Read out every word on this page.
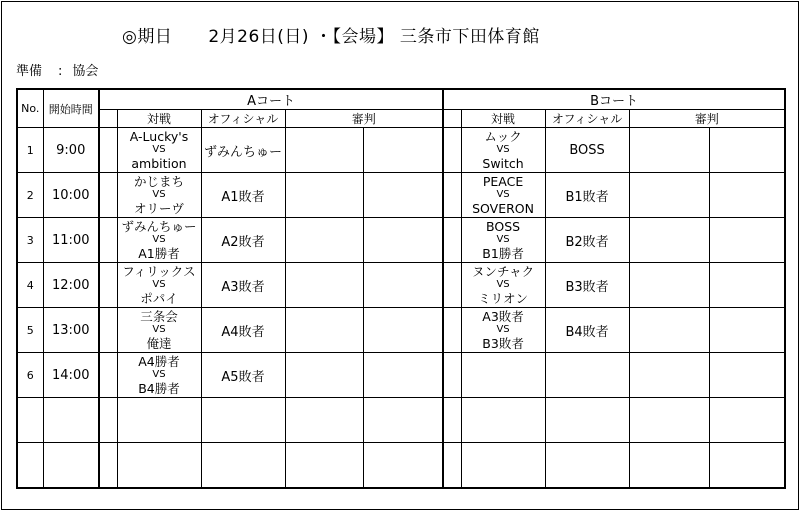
◎期日 2月26日(日) ・【会場】 三条市下田体育館
準備 : 協会
No.	開始時間	Aコート					Bコート				
			対戦	オフィシャル	審判			対戦	オフィシャル	審判	
1	9:00		A-Lucky's
VS
ambition	ずみんちゅー				ムック
VS
Switch	BOSS		
2	10:00		かじまち
VS
オリーヴ	A1敗者				PEACE
VS
SOVERON	B1敗者		
3	11:00		ずみんちゅー
VS
A1勝者	A2敗者				BOSS
VS
B1勝者	B2敗者		
4	12:00		フィリックス
VS
ポパイ	A3敗者				ヌンチャク
VS
ミリオン	B3敗者		
5	13:00		三条会
VS
俺達	A4敗者				A3敗者
VS
B3敗者	B4敗者		
6	14:00		A4勝者
VS
B4勝者	A5敗者				
